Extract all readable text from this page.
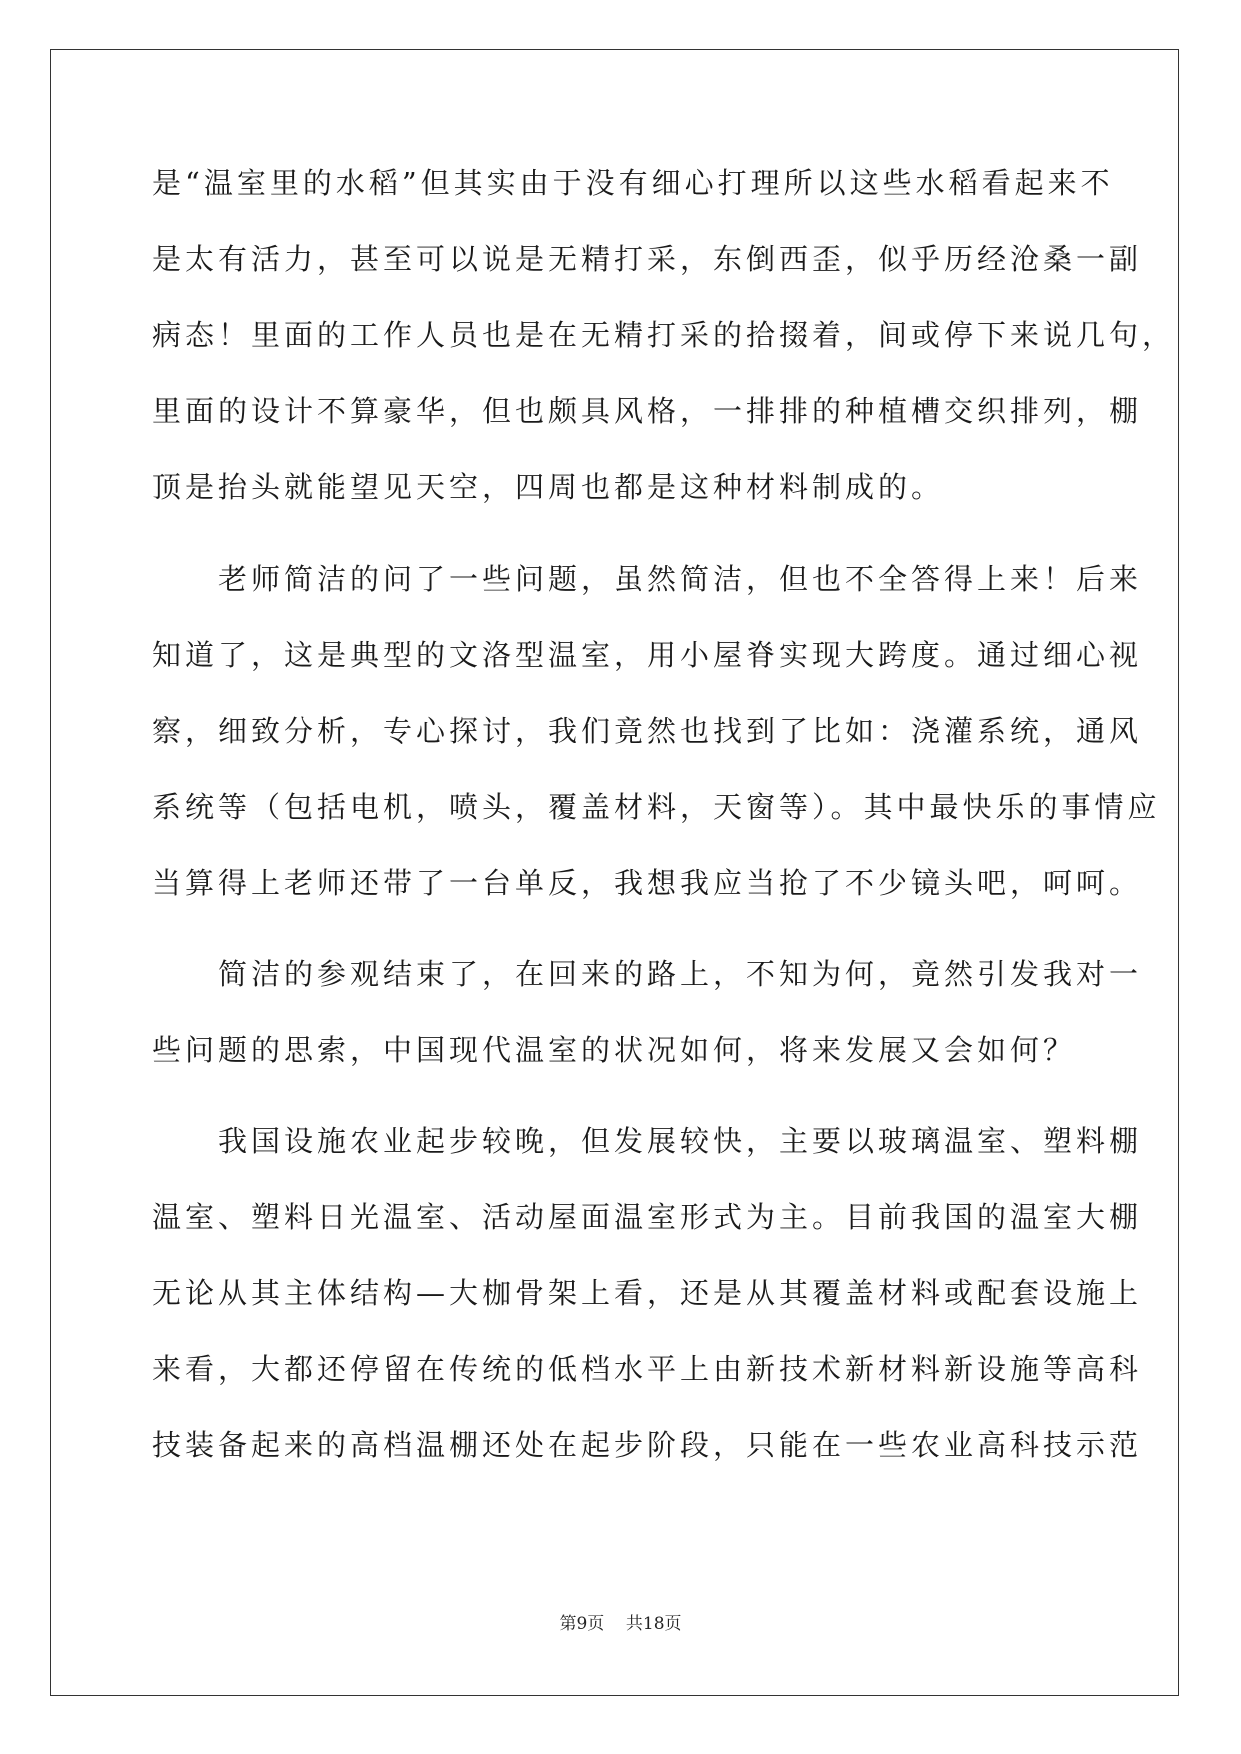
是“温室里的水稻”但其实由于没有细心打理所以这些水稻看起来不
是太有活力，甚至可以说是无精打采，东倒西歪，似乎历经沧桑一副
病态！里面的工作人员也是在无精打采的拾掇着，间或停下来说几句，
里面的设计不算豪华，但也颇具风格，一排排的种植槽交织排列，棚
顶是抬头就能望见天空，四周也都是这种材料制成的。
老师简洁的问了一些问题，虽然简洁，但也不全答得上来！后来
知道了，这是典型的文洛型温室，用小屋脊实现大跨度。通过细心视
察，细致分析，专心探讨，我们竟然也找到了比如：浇灌系统，通风
系统等（包括电机，喷头，覆盖材料，天窗等）。其中最快乐的事情应
当算得上老师还带了一台单反，我想我应当抢了不少镜头吧，呵呵。
简洁的参观结束了，在回来的路上，不知为何，竟然引发我对一
些问题的思索，中国现代温室的状况如何，将来发展又会如何？
我国设施农业起步较晚，但发展较快，主要以玻璃温室、塑料棚
温室、塑料日光温室、活动屋面温室形式为主。目前我国的温室大棚
无论从其主体结构—大枷骨架上看，还是从其覆盖材料或配套设施上
来看，大都还停留在传统的低档水平上由新技术新材料新设施等高科
技装备起来的高档温棚还处在起步阶段，只能在一些农业高科技示范
第9页 共18页
